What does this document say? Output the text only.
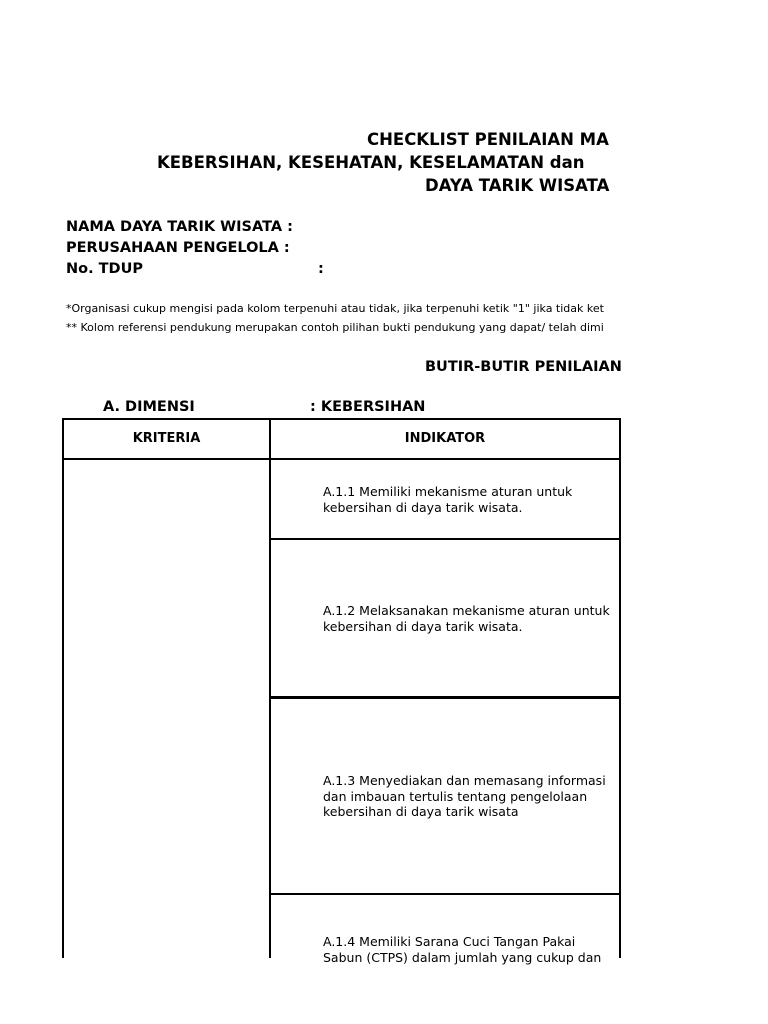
CHECKLIST PENILAIAN MA
KEBERSIHAN, KESEHATAN, KESELAMATAN dan
DAYA TARIK WISATA
NAMA DAYA TARIK WISATA :
PERUSAHAAN PENGELOLA :
No. TDUP	:
*Organisasi cukup mengisi pada kolom terpenuhi atau tidak, jika terpenuhi ketik "1" jika tidak ket
** Kolom referensi pendukung merupakan contoh pilihan bukti pendukung yang dapat/ telah dimi
BUTIR-BUTIR PENILAIAN
A. DIMENSI	: KEBERSIHAN
KRITERIA	INDIKATOR
A.1.1 Memiliki mekanisme aturan untuk
kebersihan di daya tarik wisata.
A.1.2 Melaksanakan mekanisme aturan untuk
kebersihan di daya tarik wisata.
A.1.3 Menyediakan dan memasang informasi
dan imbauan tertulis tentang pengelolaan
kebersihan di daya tarik wisata
A.1.4 Memiliki Sarana Cuci Tangan Pakai
Sabun (CTPS) dalam jumlah yang cukup dan
